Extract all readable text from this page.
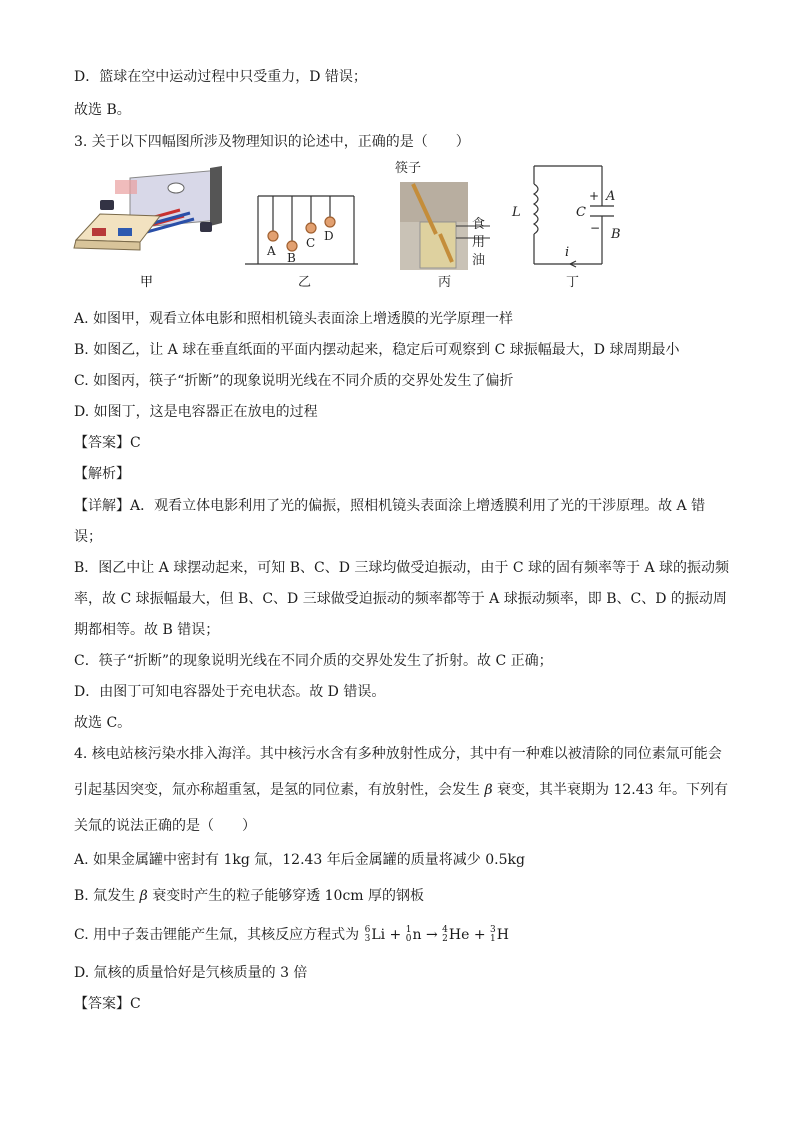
D．篮球在空中运动过程中只受重力，D 错误；
故选 B。
3. 关于以下四幅图所涉及物理知识的论述中，正确的是（　　）
甲
A B
C D
乙
筷子
食
用
油
丙
L	C
A
B
i
+
−
丁
A. 如图甲，观看立体电影和照相机镜头表面涂上增透膜的光学原理一样
B. 如图乙，让 A 球在垂直纸面的平面内摆动起来，稳定后可观察到 C 球振幅最大，D 球周期最小
C. 如图丙，筷子“折断”的现象说明光线在不同介质的交界处发生了偏折
D. 如图丁，这是电容器正在放电的过程
【答案】C
【解析】
【详解】A．观看立体电影利用了光的偏振，照相机镜头表面涂上增透膜利用了光的干涉原理。故 A 错
误；
B．图乙中让 A 球摆动起来，可知 B、C、D 三球均做受迫振动，由于 C 球的固有频率等于 A 球的振动频
率，故 C 球振幅最大，但 B、C、D 三球做受迫振动的频率都等于 A 球振动频率，即 B、C、D 的振动周
期都相等。故 B 错误；
C．筷子“折断”的现象说明光线在不同介质的交界处发生了折射。故 C 正确；
D．由图丁可知电容器处于充电状态。故 D 错误。
故选 C。
4. 核电站核污染水排入海洋。其中核污水含有多种放射性成分，其中有一种难以被清除的同位素氚可能会
引起基因突变，氚亦称超重氢，是氢的同位素，有放射性，会发生 β 衰变，其半衰期为 12.43 年。下列有
关氚的说法正确的是（　　）
A. 如果金属罐中密封有 1kg 氚，12.43 年后金属罐的质量将减少 0.5kg
B. 氚发生 β 衰变时产生的粒子能够穿透 10cm 厚的钢板
C. 用中子轰击锂能产生氚，其核反应方程式为 6
3 Li + 1
0 n → 4
2 He + 3
1 H
D. 氚核的质量恰好是氕核质量的 3 倍
【答案】C
